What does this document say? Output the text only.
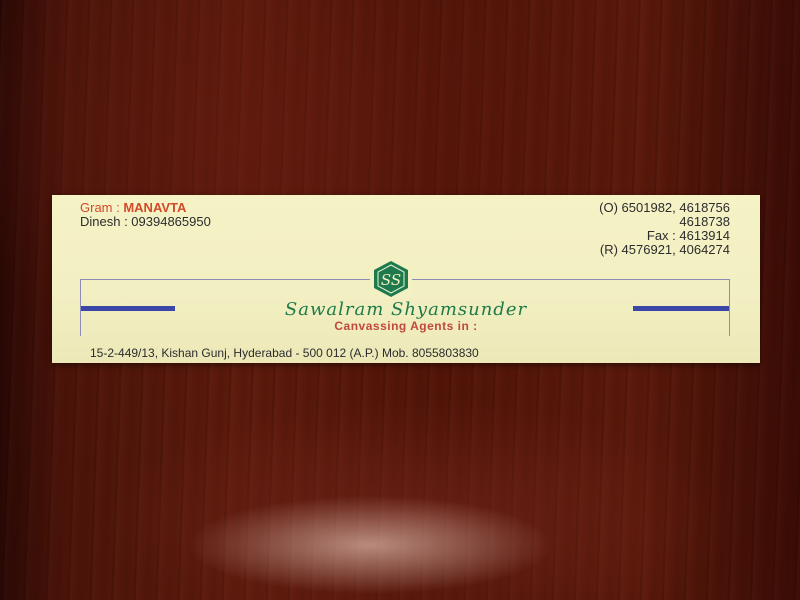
Gram : MANAVTA
Dinesh : 09394865950
(O) 6501982, 4618756
4618738
Fax : 4613914
(R) 4576921, 4064274
SS
Sawalram Shyamsunder
Canvassing Agents in :
15-2-449/13, Kishan Gunj, Hyderabad - 500 012 (A.P.) Mob. 8055803830
